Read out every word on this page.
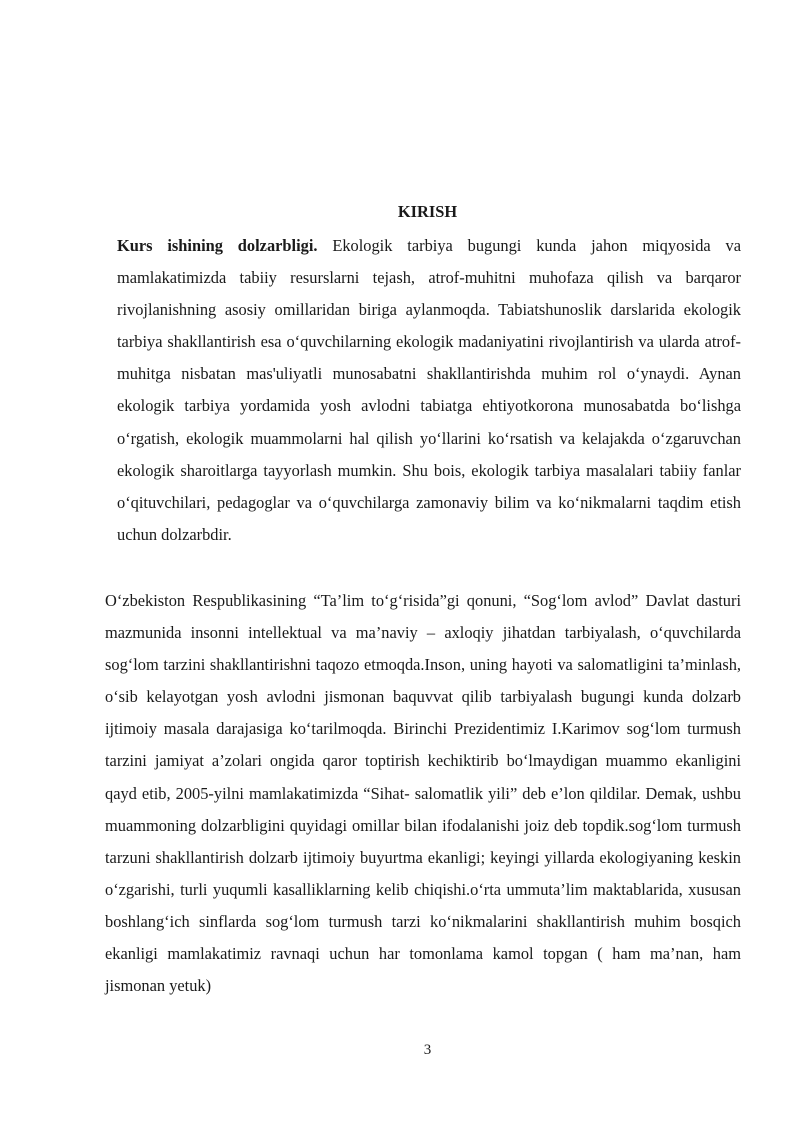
KIRISH

Kurs ishining dolzarbligi. Ekologik tarbiya bugungi kunda jahon miqyosida va mamlakatimizda tabiiy resurslarni tejash, atrof-muhitni muhofaza qilish va barqaror rivojlanishning asosiy omillaridan biriga aylanmoqda. Tabiatshunoslik darslarida ekologik tarbiya shakllantirish esa o‘quvchilarning ekologik madaniyatini rivojlantirish va ularda atrof-muhitga nisbatan mas'uliyatli munosabatni shakllantirishda muhim rol o‘ynaydi. Aynan ekologik tarbiya yordamida yosh avlodni tabiatga ehtiyotkorona munosabatda bo‘lishga o‘rgatish, ekologik muammolarni hal qilish yo‘llarini ko‘rsatish va kelajakda o‘zgaruvchan ekologik sharoitlarga tayyorlash mumkin. Shu bois, ekologik tarbiya masalalari tabiiy fanlar o‘qituvchilari, pedagoglar va o‘quvchilarga zamonaviy bilim va ko‘nikmalarni taqdim etish uchun dolzarbdir.

O‘zbekiston Respublikasining “Ta’lim to‘g‘risida”gi qonuni, “Sog‘lom avlod” Davlat dasturi mazmunida insonni intellektual va ma’naviy – axloqiy jihatdan tarbiyalash, o‘quvchilarda sog‘lom tarzini shakllantirishni taqozo etmoqda.Inson, uning hayoti va salomatligini ta’minlash, o‘sib kelayotgan yosh avlodni jismonan baquvvat qilib tarbiyalash bugungi kunda dolzarb ijtimoiy masala darajasiga ko‘tarilmoqda. Birinchi Prezidentimiz I.Karimov sog‘lom turmush tarzini jamiyat a’zolari ongida qaror toptirish kechiktirib bo‘lmaydigan muammo ekanligini qayd etib, 2005-yilni mamlakatimizda “Sihat- salomatlik yili” deb e’lon qildilar. Demak, ushbu muammoning dolzarbligini quyidagi omillar bilan ifodalanishi joiz deb topdik.sog‘lom turmush tarzuni shakllantirish dolzarb ijtimoiy buyurtma ekanligi; keyingi yillarda ekologiyaning keskin o‘zgarishi, turli yuqumli kasalliklarning kelib chiqishi.o‘rta ummuta’lim maktablarida, xususan boshlang‘ich sinflarda sog‘lom turmush tarzi ko‘nikmalarini shakllantirish muhim bosqich ekanligi mamlakatimiz ravnaqi uchun har tomonlama kamol topgan ( ham ma’nan, ham jismonan yetuk)

3
